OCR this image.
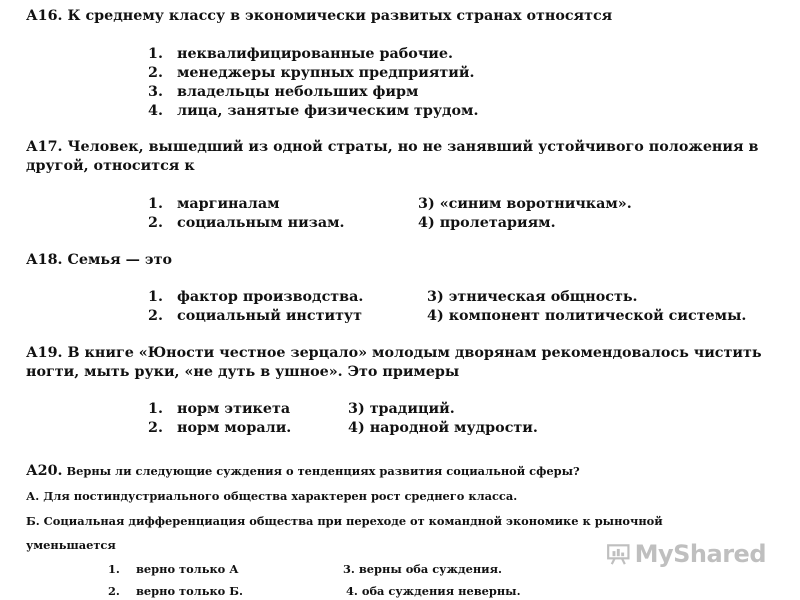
А16. К среднему классу в экономически развитых странах относятся
1. неквалифицированные рабочие.
2. менеджеры крупных предприятий.
3. владельцы небольших фирм
4. лица, занятые физическим трудом.
А17. Человек, вышедший из одной страты, но не занявший устойчивого положения в
другой, относится к
1. маргиналам	3) «синим воротничкам».
2. социальным низам.	4) пролетариям.
А18. Семья — это
1. фактор производства.	3) этническая общность.
2. социальный институт	4) компонент политической системы.
А19. В книге «Юности честное зерцало» молодым дворянам рекомендовалось чистить
ногти, мыть руки, «не дуть в ушное». Это примеры
1. норм этикета	3) традиций.
2. норм морали.	4) народной мудрости.
А20. Верны ли следующие суждения о тенденциях развития социальной сферы?
А. Для постиндустриального общества характерен рост среднего класса.
Б. Социальная дифференциация общества при переходе от командной экономике к рыночной
уменьшается
1. верно только А	3. верны оба суждения.
2. верно только Б.	4. оба суждения неверны.
MyShared
